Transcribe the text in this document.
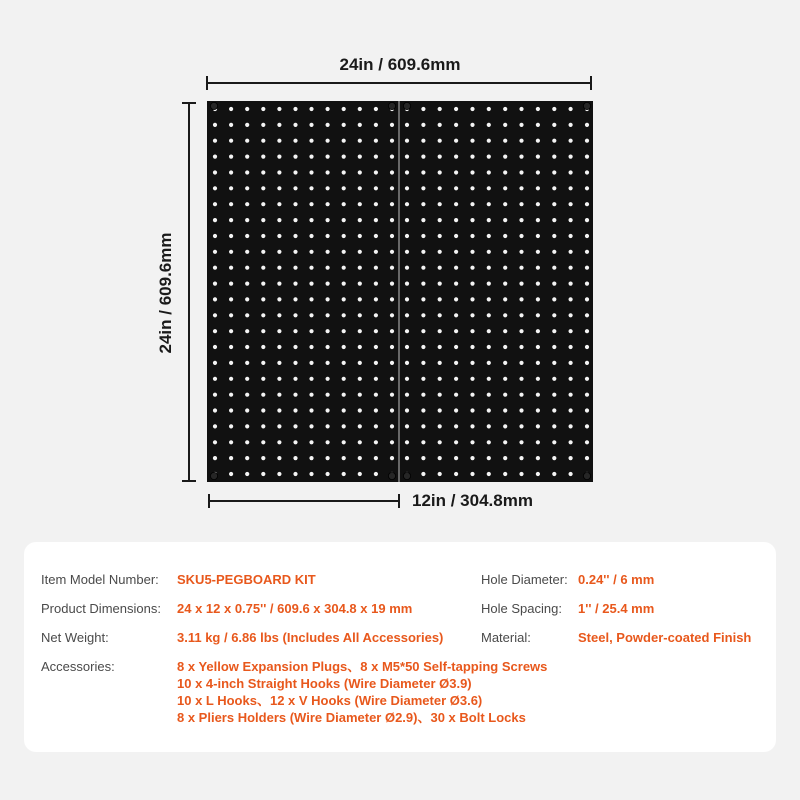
24in / 609.6mm
24in / 609.6mm
12in / 304.8mm
Item Model Number: SKU5-PEGBOARD KIT
Product Dimensions: 24 x 12 x 0.75'' / 609.6 x 304.8 x 19 mm
Net Weight:	3.11 kg / 6.86 lbs (Includes All Accessories)
Accessories:	8 x Yellow Expansion Plugs、8 x M5*50 Self-tapping Screws
10 x 4-inch Straight Hooks (Wire Diameter Ø3.9)
10 x L Hooks、12 x V Hooks (Wire Diameter Ø3.6)
8 x Pliers Holders (Wire Diameter Ø2.9)、30 x Bolt Locks
Hole Diameter: 0.24'' / 6 mm
Hole Spacing: 1'' / 25.4 mm
Material:	Steel, Powder-coated Finish
